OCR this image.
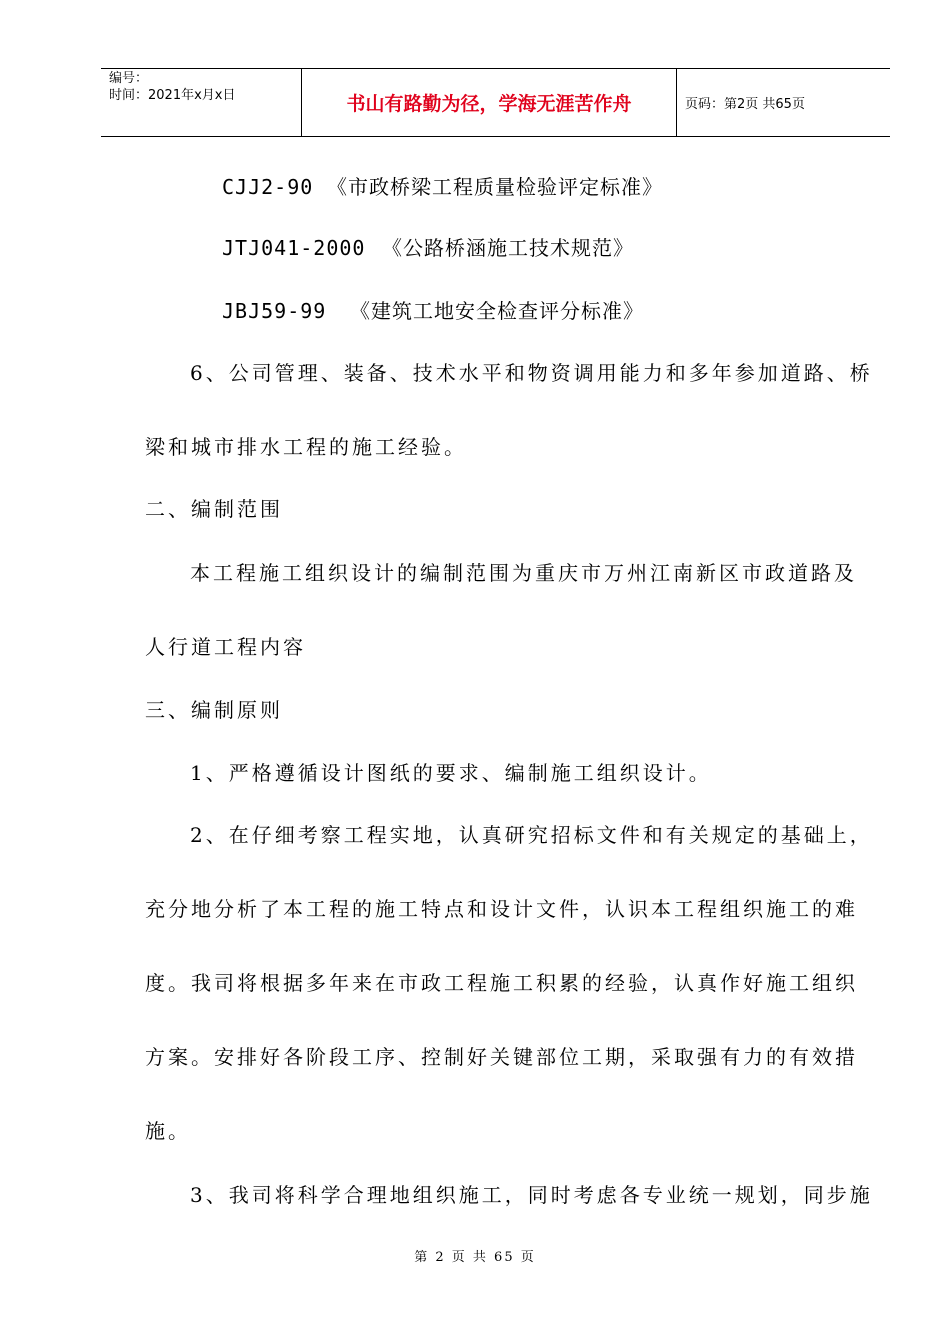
编号：
时间：2021年x月x日	书山有路勤为径，学海无涯苦作舟	页码：第2页 共65页
CJJ2-90 《市政桥梁工程质量检验评定标准》
JTJ041-2000 《公路桥涵施工技术规范》
JBJ59-99 《建筑工地安全检查评分标准》
6、公司管理、装备、技术水平和物资调用能力和多年参加道路、桥
梁和城市排水工程的施工经验。
二、编制范围
本工程施工组织设计的编制范围为重庆市万州江南新区市政道路及
人行道工程内容
三、编制原则
1、严格遵循设计图纸的要求、编制施工组织设计。
2、在仔细考察工程实地，认真研究招标文件和有关规定的基础上，
充分地分析了本工程的施工特点和设计文件，认识本工程组织施工的难
度。我司将根据多年来在市政工程施工积累的经验，认真作好施工组织
方案。安排好各阶段工序、控制好关键部位工期，采取强有力的有效措
施。
3、我司将科学合理地组织施工，同时考虑各专业统一规划，同步施
第 2 页 共 65 页
